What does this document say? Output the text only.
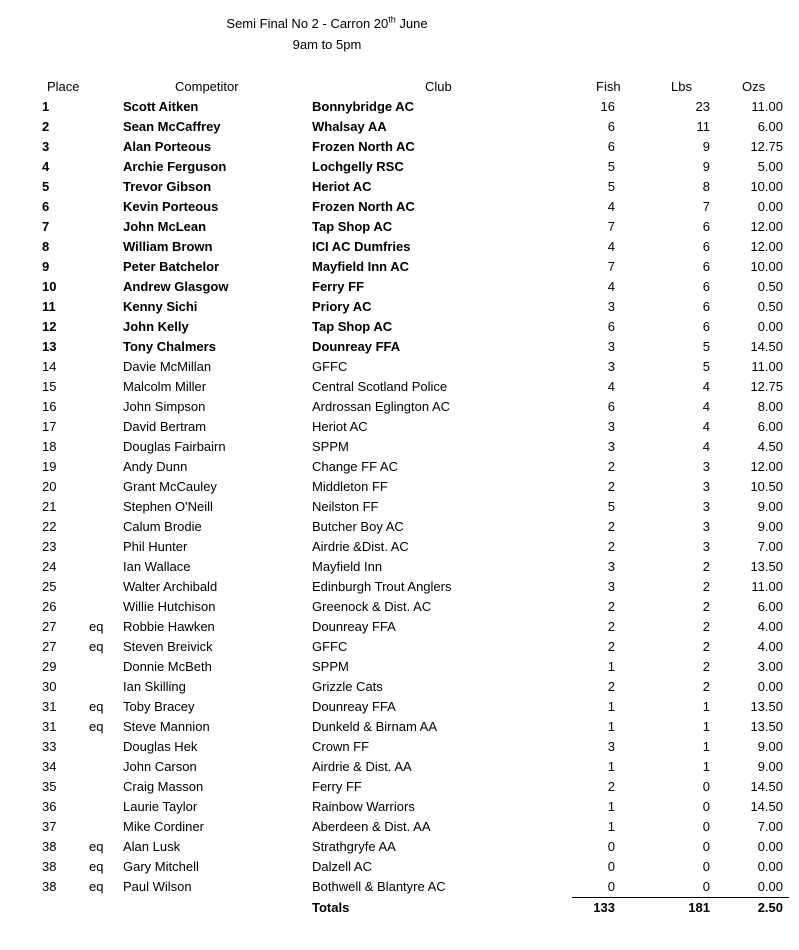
Semi Final No 2 - Carron 20th June
9am to 5pm
Place	Competitor	Club	Fish	Lbs	Ozs
1	Scott Aitken	Bonnybridge AC	16	23	11.00
2	Sean McCaffrey	Whalsay AA	6	11	6.00
3	Alan Porteous	Frozen North AC	6	9	12.75
4	Archie Ferguson	Lochgelly RSC	5	9	5.00
5	Trevor Gibson	Heriot AC	5	8	10.00
6	Kevin Porteous	Frozen North AC	4	7	0.00
7	John McLean	Tap Shop AC	7	6	12.00
8	William Brown	ICI AC Dumfries	4	6	12.00
9	Peter Batchelor	Mayfield Inn AC	7	6	10.00
10	Andrew Glasgow	Ferry FF	4	6	0.50
11	Kenny Sichi	Priory AC	3	6	0.50
12	John Kelly	Tap Shop AC	6	6	0.00
13	Tony Chalmers	Dounreay FFA	3	5	14.50
14	Davie McMillan	GFFC	3	5	11.00
15	Malcolm Miller	Central Scotland Police	4	4	12.75
16	John Simpson	Ardrossan Eglington AC	6	4	8.00
17	David Bertram	Heriot AC	3	4	6.00
18	Douglas Fairbairn	SPPM	3	4	4.50
19	Andy Dunn	Change FF AC	2	3	12.00
20	Grant McCauley	Middleton FF	2	3	10.50
21	Stephen O'Neill	Neilston FF	5	3	9.00
22	Calum Brodie	Butcher Boy AC	2	3	9.00
23	Phil Hunter	Airdrie &Dist. AC	2	3	7.00
24	Ian Wallace	Mayfield Inn	3	2	13.50
25	Walter Archibald	Edinburgh Trout Anglers	3	2	11.00
26	Willie Hutchison	Greenock & Dist. AC	2	2	6.00
27	eq Robbie Hawken	Dounreay FFA	2	2	4.00
27	eq Steven Breivick	GFFC	2	2	4.00
29	Donnie McBeth	SPPM	1	2	3.00
30	Ian Skilling	Grizzle Cats	2	2	0.00
31	eq Toby Bracey	Dounreay FFA	1	1	13.50
31	eq Steve Mannion	Dunkeld & Birnam AA	1	1	13.50
33	Douglas Hek	Crown FF	3	1	9.00
34	John Carson	Airdrie & Dist. AA	1	1	9.00
35	Craig Masson	Ferry FF	2	0	14.50
36	Laurie Taylor	Rainbow Warriors	1	0	14.50
37	Mike Cordiner	Aberdeen & Dist. AA	1	0	7.00
38	eq Alan Lusk	Strathgryfe AA	0	0	0.00
38	eq Gary Mitchell	Dalzell AC	0	0	0.00
38	eq Paul Wilson	Bothwell & Blantyre AC	0	0	0.00
Totals	133	181	2.50
